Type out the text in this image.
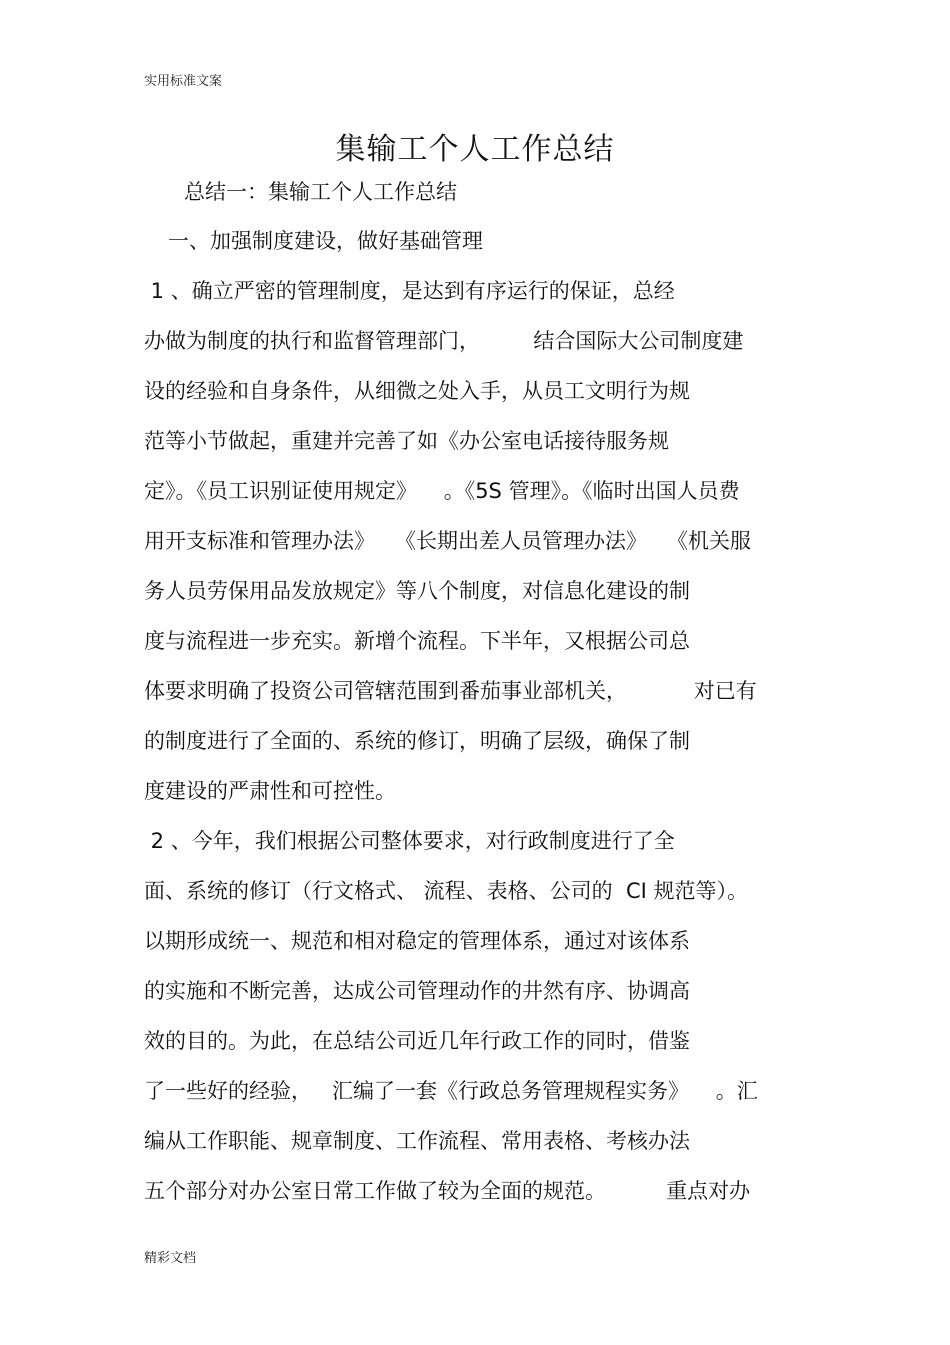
实用标准文案
集输工个人工作总结
总结一：集输工个人工作总结
一、加强制度建设，做好基础管理
1 、确立严密的管理制度，是达到有序运行的保证，总经
办做为制度的执行和监督管理部门，        结合国际大公司制度建
设的经验和自身条件，从细微之处入手，从员工文明行为规
范等小节做起，重建并完善了如《办公室电话接待服务规
定》。《员工识别证使用规定》    。《5S 管理》。《临时出国人员费
用开支标准和管理办法》   《长期出差人员管理办法》   《机关服
务人员劳保用品发放规定》等八个制度，对信息化建设的制
度与流程进一步充实。新增个流程。下半年，又根据公司总
体要求明确了投资公司管辖范围到番茄事业部机关，          对已有
的制度进行了全面的、系统的修订，明确了层级，确保了制
度建设的严肃性和可控性。
2 、今年，我们根据公司整体要求，对行政制度进行了全
面、系统的修订（行文格式、 流程、表格、公司的  CI 规范等）。
以期形成统一、规范和相对稳定的管理体系，通过对该体系
的实施和不断完善，达成公司管理动作的井然有序、协调高
效的目的。为此，在总结公司近几年行政工作的同时，借鉴
了一些好的经验，   汇编了一套《行政总务管理规程实务》    。汇
编从工作职能、规章制度、工作流程、常用表格、考核办法
五个部分对办公室日常工作做了较为全面的规范。         重点对办
精彩文档
